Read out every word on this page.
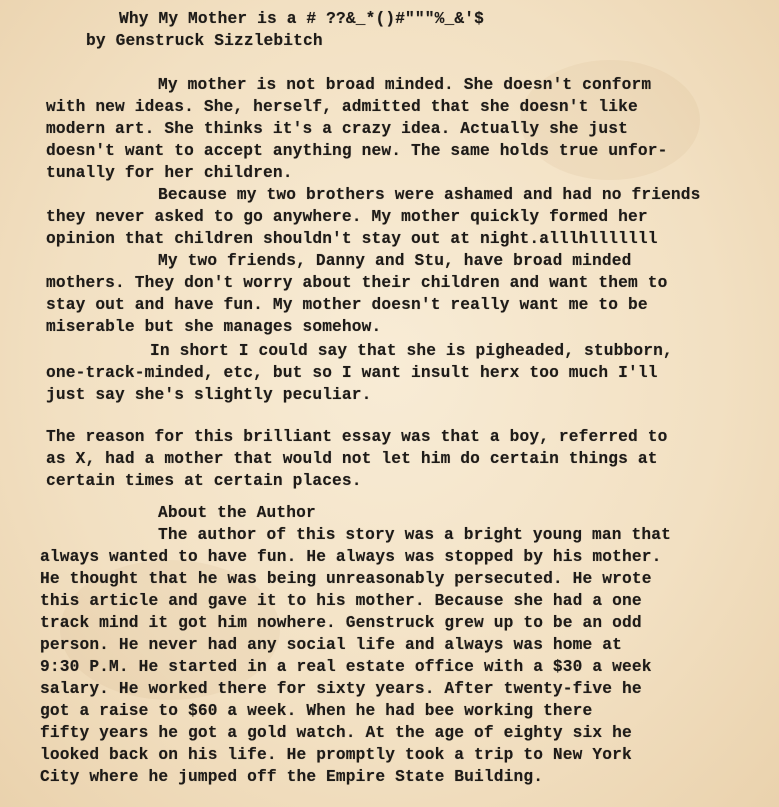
Why My Mother is a # ??&_*()#"""%_&'$
by Genstruck Sizzlebitch
My mother is not broad minded. She doesn't conform
with new ideas. She, herself, admitted that she doesn't like
modern art. She thinks it's a crazy idea. Actually she just
doesn't want to accept anything new. The same holds true unfor-
tunally for her children.
Because my two brothers were ashamed and had no friends
they never asked to go anywhere. My mother quickly formed her
opinion that children shouldn't stay out at night.alllhlllllll
My two friends, Danny and Stu, have broad minded
mothers. They don't worry about their children and want them to
stay out and have fun. My mother doesn't really want me to be
miserable but she manages somehow.
In short I could say that she is pigheaded, stubborn,
one-track-minded, etc, but so I want insult herx too much I'll
just say she's slightly peculiar.
The reason for this brilliant essay was that a boy, referred to
as X, had a mother that would not let him do certain things at
certain times at certain places.
About the Author
The author of this story was a bright young man that
always wanted to have fun. He always was stopped by his mother.
He thought that he was being unreasonably persecuted. He wrote
this article and gave it to his mother. Because she had a one
track mind it got him nowhere. Genstruck grew up to be an odd
person. He never had any social life and always was home at
9:30 P.M. He started in a real estate office with a $30 a week
salary. He worked there for sixty years. After twenty-five he
got a raise to $60 a week. When he had bee working there
fifty years he got a gold watch. At the age of eighty six he
looked back on his life. He promptly took a trip to New York
City where he jumped off the Empire State Building.
